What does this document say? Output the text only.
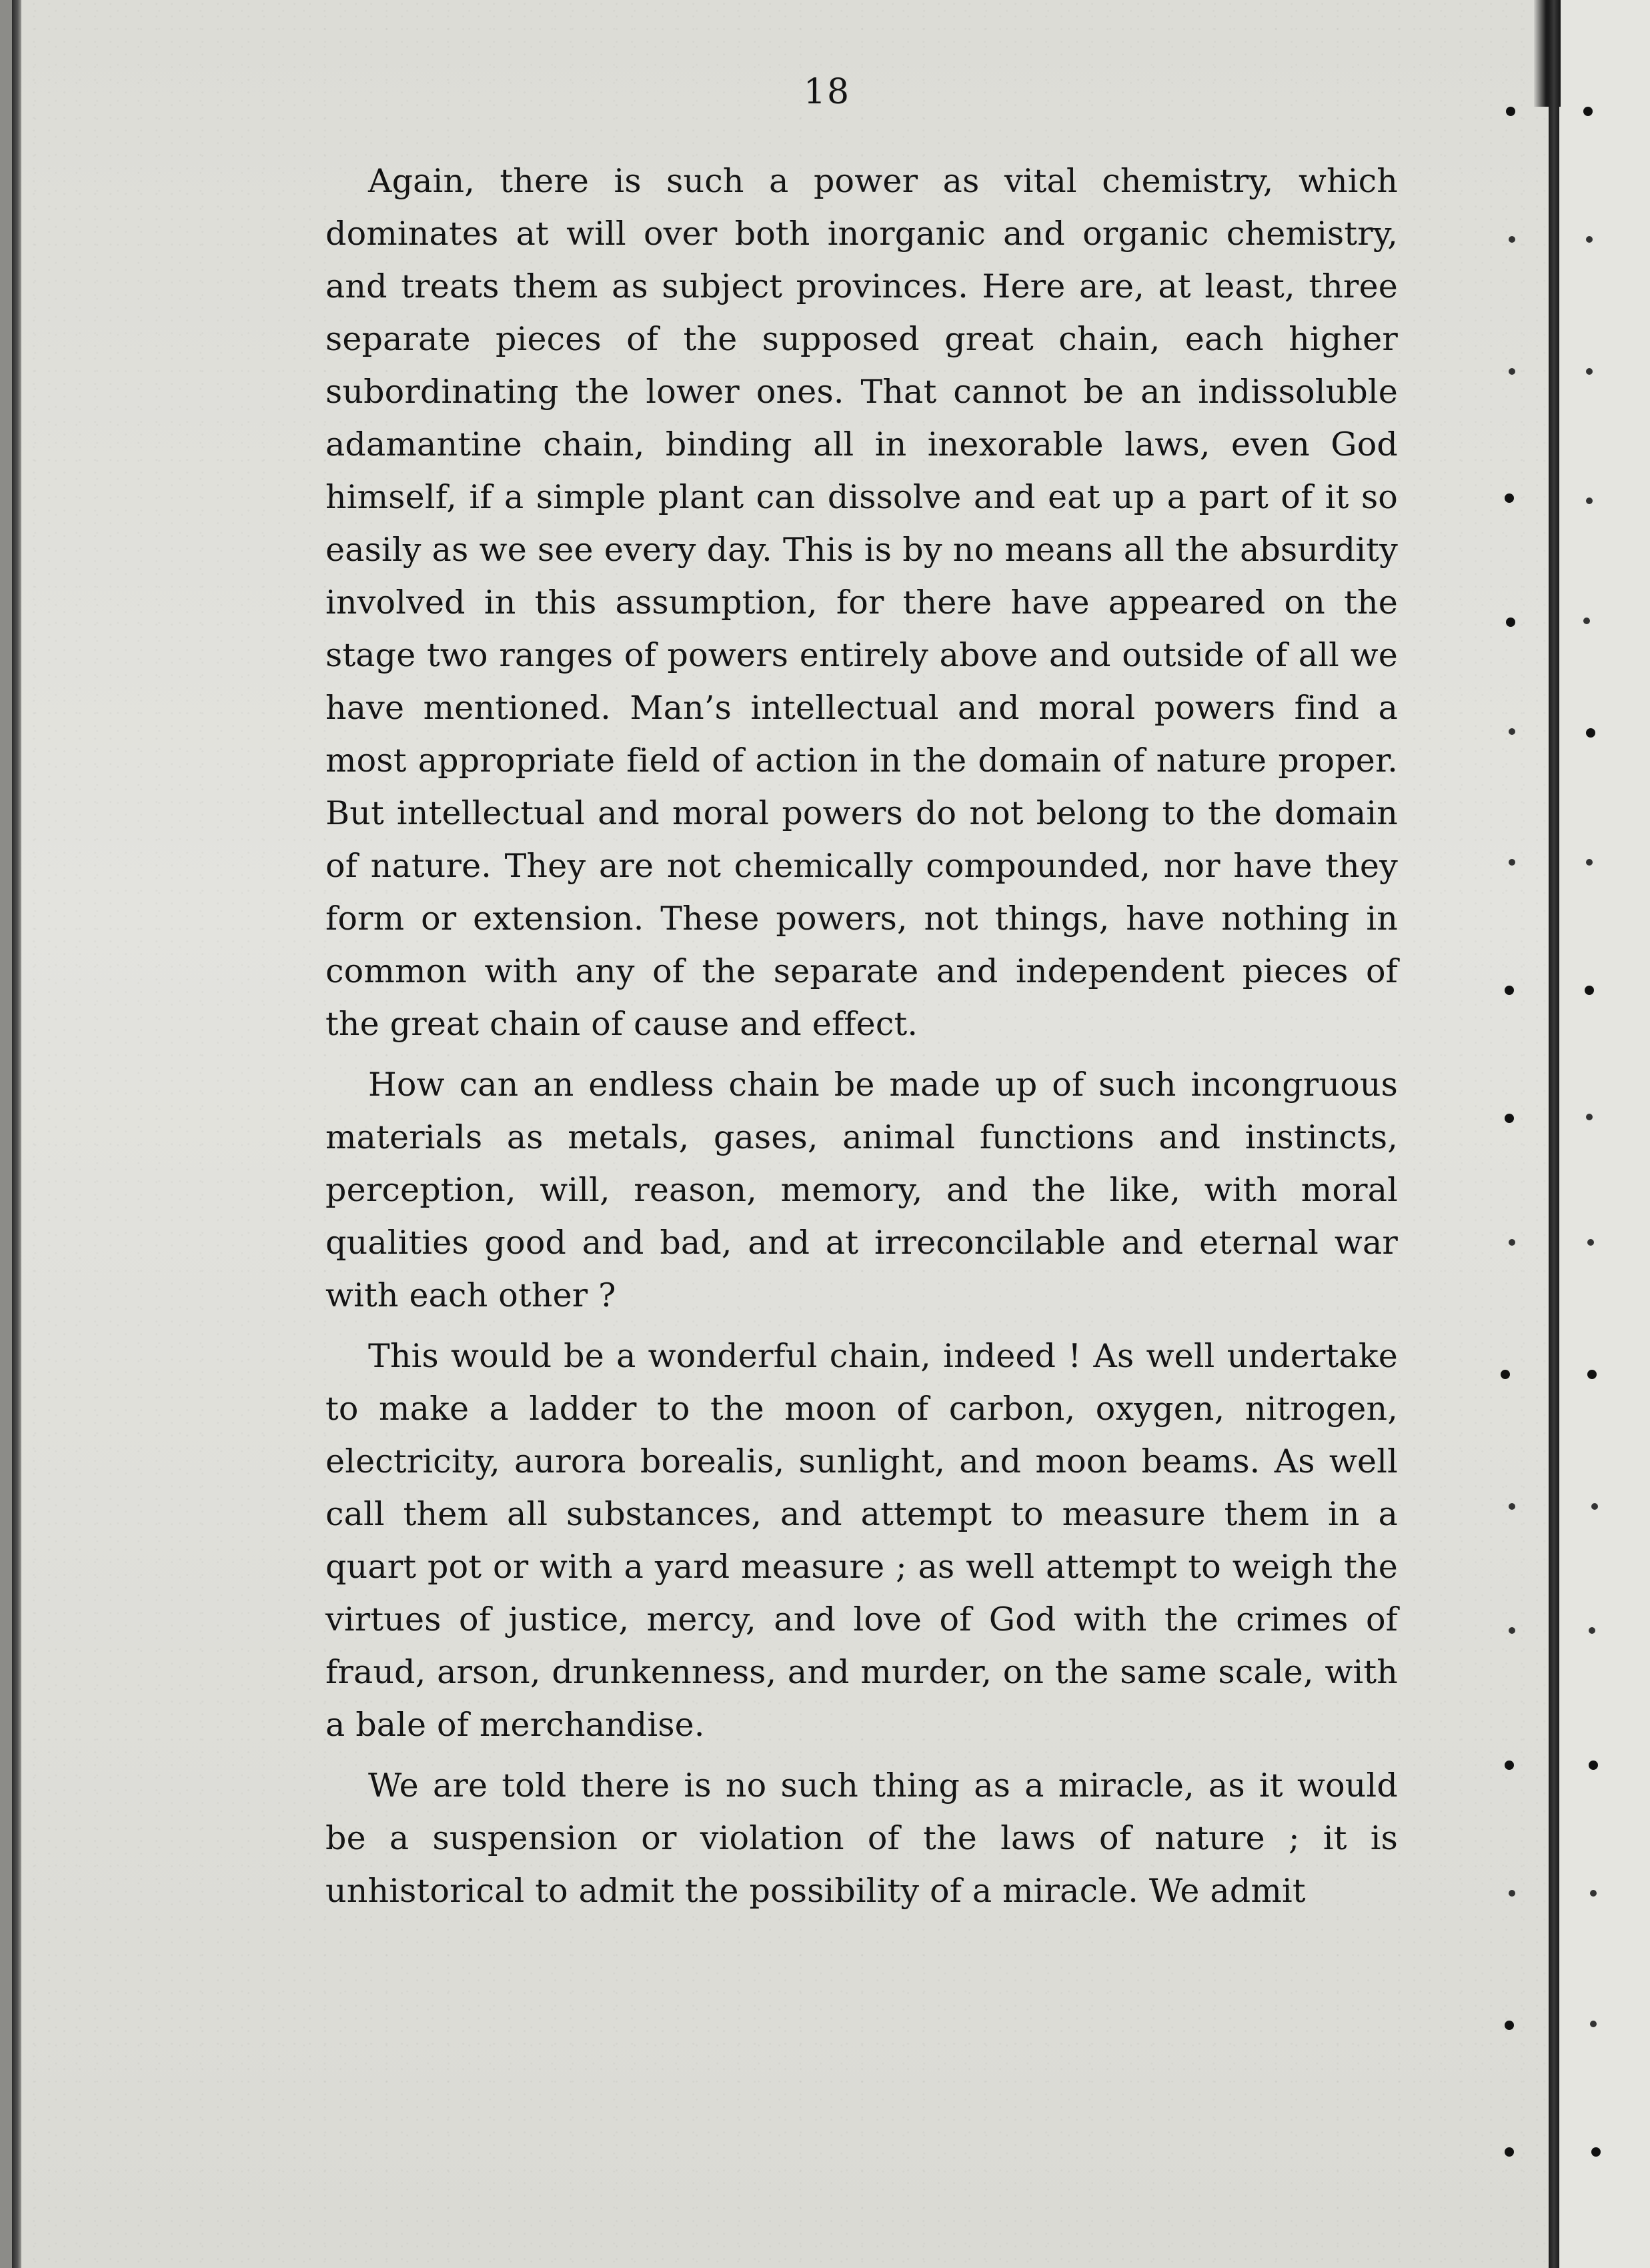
18

Again, there is such a power as vital chemistry, which dominates at will over both inorganic and organic chemistry, and treats them as subject provinces. Here are, at least, three separate pieces of the supposed great chain, each higher subordinating the lower ones. That cannot be an indissoluble adamantine chain, binding all in inexorable laws, even God himself, if a simple plant can dissolve and eat up a part of it so easily as we see every day. This is by no means all the absurdity involved in this assumption, for there have appeared on the stage two ranges of powers entirely above and outside of all we have mentioned. Man’s intellectual and moral powers find a most appropriate field of action in the domain of nature proper. But intellectual and moral powers do not belong to the domain of nature. They are not chemically compounded, nor have they form or extension. These powers, not things, have nothing in common with any of the separate and independent pieces of the great chain of cause and effect.

How can an endless chain be made up of such incongruous materials as metals, gases, animal functions and instincts, perception, will, reason, memory, and the like, with moral qualities good and bad, and at irreconcilable and eternal war with each other ?

This would be a wonderful chain, indeed ! As well undertake to make a ladder to the moon of carbon, oxygen, nitrogen, electricity, aurora borealis, sunlight, and moon beams. As well call them all substances, and attempt to measure them in a quart pot or with a yard measure ; as well attempt to weigh the virtues of justice, mercy, and love of God with the crimes of fraud, arson, drunkenness, and murder, on the same scale, with a bale of merchandise.

We are told there is no such thing as a miracle, as it would be a suspension or violation of the laws of nature ; it is unhistorical to admit the possibility of a miracle. We admit
